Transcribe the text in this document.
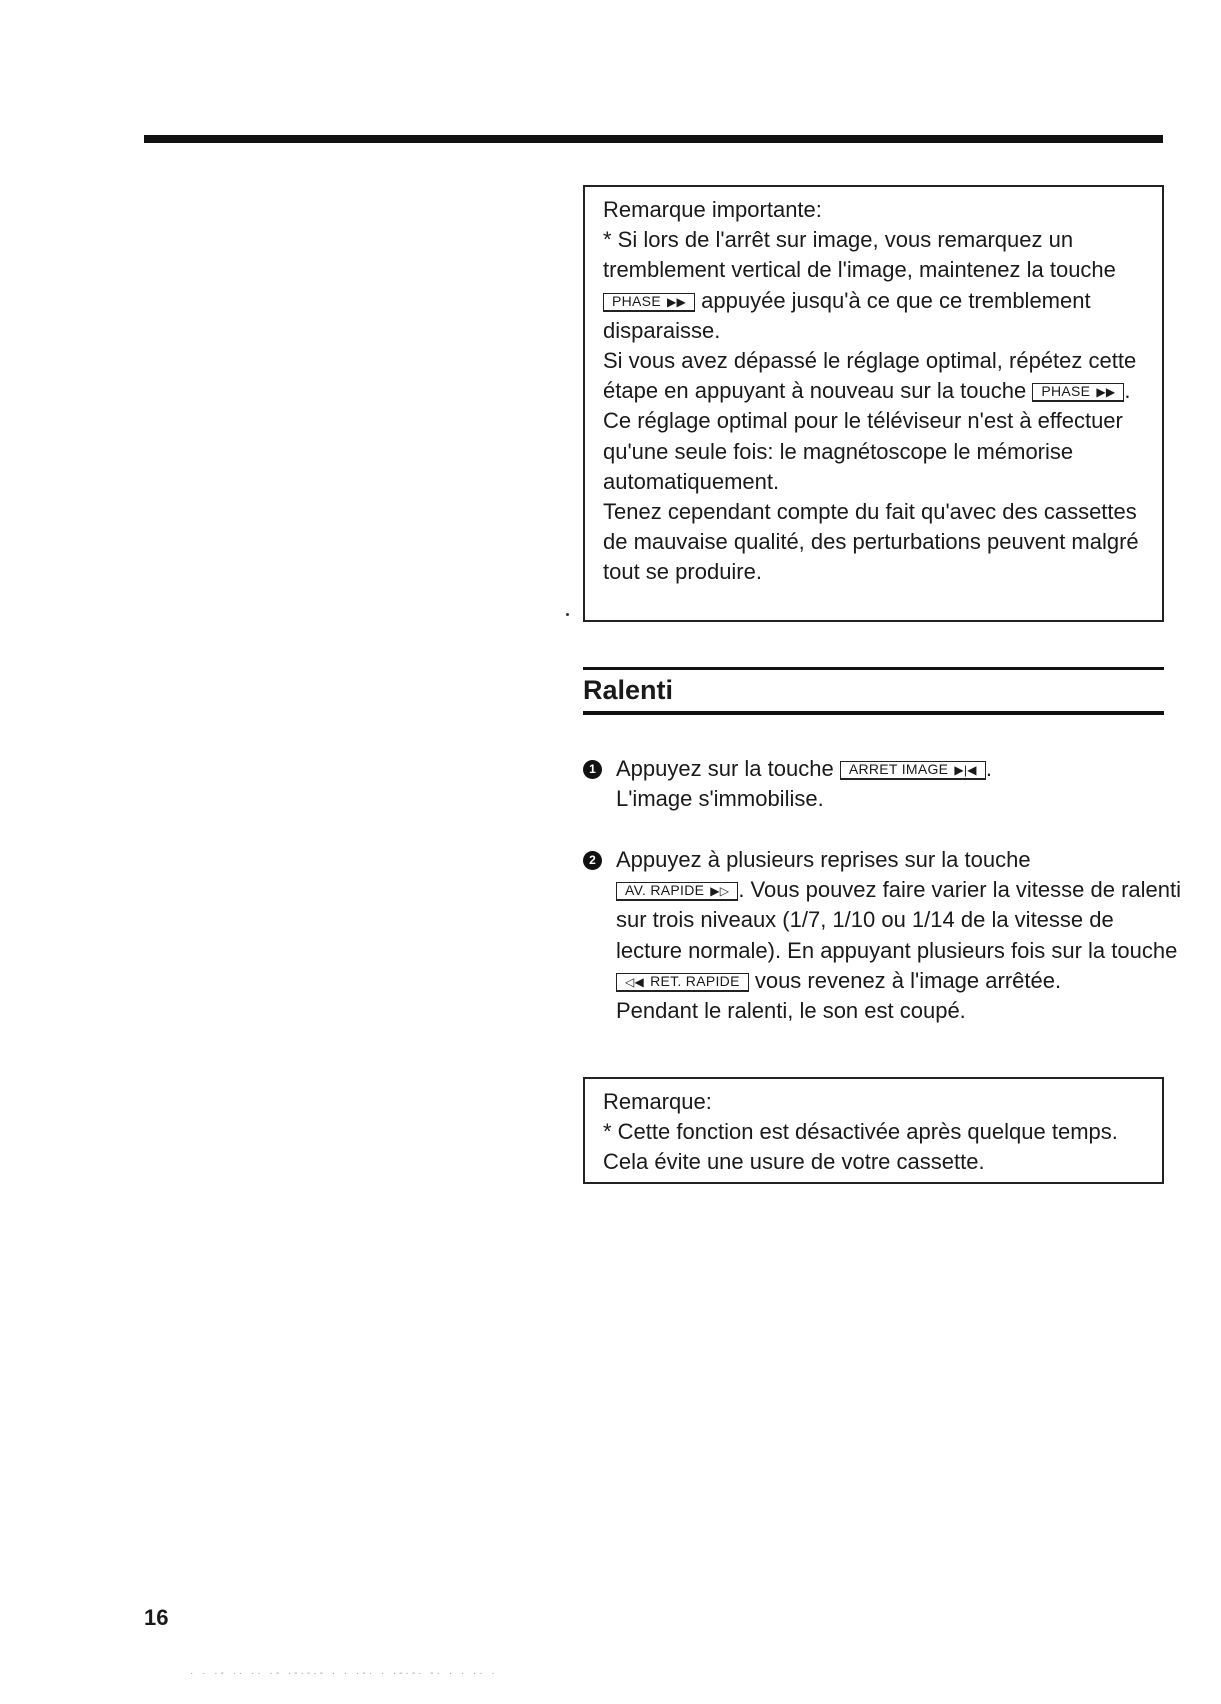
Remarque importante:

* Si lors de l'arrêt sur image, vous remarquez un tremblement vertical de l'image, maintenez la touche PHASE ▶▶ appuyée jusqu'à ce que ce tremblement disparaisse.

Si vous avez dépassé le réglage optimal, répétez cette étape en appuyant à nouveau sur la touche PHASE ▶▶ .

Ce réglage optimal pour le téléviseur n'est à effectuer qu'une seule fois: le magnétoscope le mémorise automatiquement.

Tenez cependant compte du fait qu'avec des cassettes de mauvaise qualité, des perturbations peuvent malgré tout se produire.

Ralenti
1 Appuyez sur la touche ARRET IMAGE ▶|◀ .

L'image s'immobilise.

2 Appuyez à plusieurs reprises sur la touche

AV. RAPIDE ▶▷ . Vous pouvez faire varier la vitesse de ralenti sur trois niveaux (1/7, 1/10 ou 1/14 de la vitesse de lecture normale). En appuyant plusieurs fois sur la touche ◁◀ RET. RAPIDE vous revenez à l'image arrêtée.

Pendant le ralenti, le son est coupé.

Remarque:

* Cette fonction est désactivée après quelque temps. Cela évite une usure de votre cassette.

16
· · ·- ·· ·· ·- ·-·-·- · · ·-· · ·-·-· -· · · ·· ·
